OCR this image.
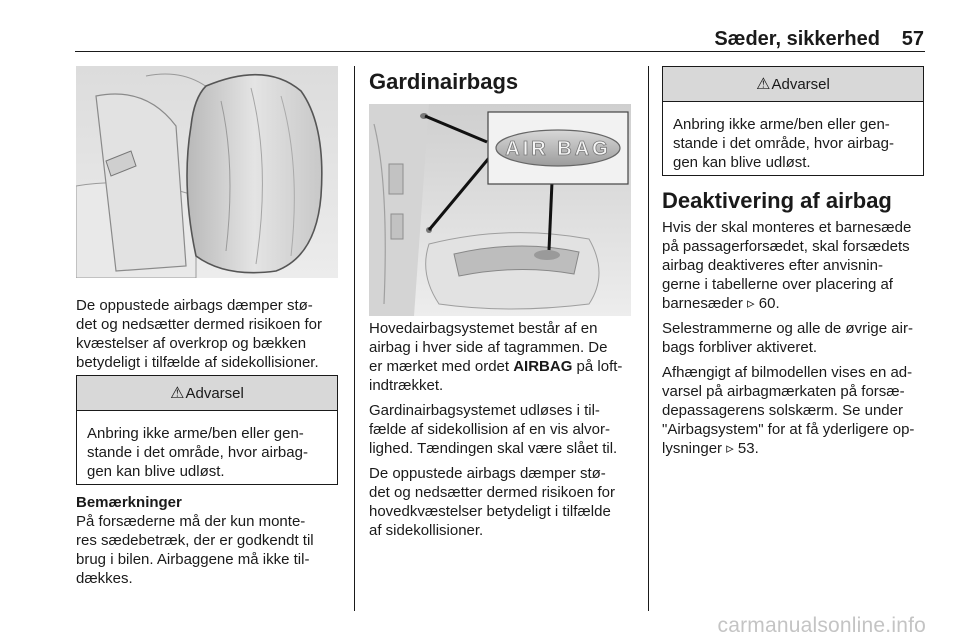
Sæder, sikkerhed 57
De oppustede airbags dæmper stø-
det og nedsætter dermed risikoen for
kvæstelser af overkrop og bækken
betydeligt i tilfælde af sidekollisioner.
⚠ Advarsel
Anbring ikke arme/ben eller gen-
stande i det område, hvor airbag-
gen kan blive udløst.
Bemærkninger
På forsæderne må der kun monte-
res sædebetræk, der er godkendt til
brug i bilen. Airbaggene må ikke til-
dækkes.
Gardinairbags
AIR BAG
Hovedairbagsystemet består af en
airbag i hver side af tagrammen. De
er mærket med ordet AIRBAG på loft-
indtrækket.
Gardinairbagsystemet udløses i til-
fælde af sidekollision af en vis alvor-
lighed. Tændingen skal være slået til.
De oppustede airbags dæmper stø-
det og nedsætter dermed risikoen for
hovedkvæstelser betydeligt i tilfælde
af sidekollisioner.
⚠ Advarsel
Anbring ikke arme/ben eller gen-
stande i det område, hvor airbag-
gen kan blive udløst.
Deaktivering af airbag
Hvis der skal monteres et barnesæde
på passagerforsædet, skal forsædets
airbag deaktiveres efter anvisnin-
gerne i tabellerne over placering af
barnesæder ▹ 60.
Selestrammerne og alle de øvrige air-
bags forbliver aktiveret.
Afhængigt af bilmodellen vises en ad-
varsel på airbagmærkaten på forsæ-
depassagerens solskærm. Se under
"Airbagsystem" for at få yderligere op-
lysninger ▹ 53.
carmanualsonline.info
